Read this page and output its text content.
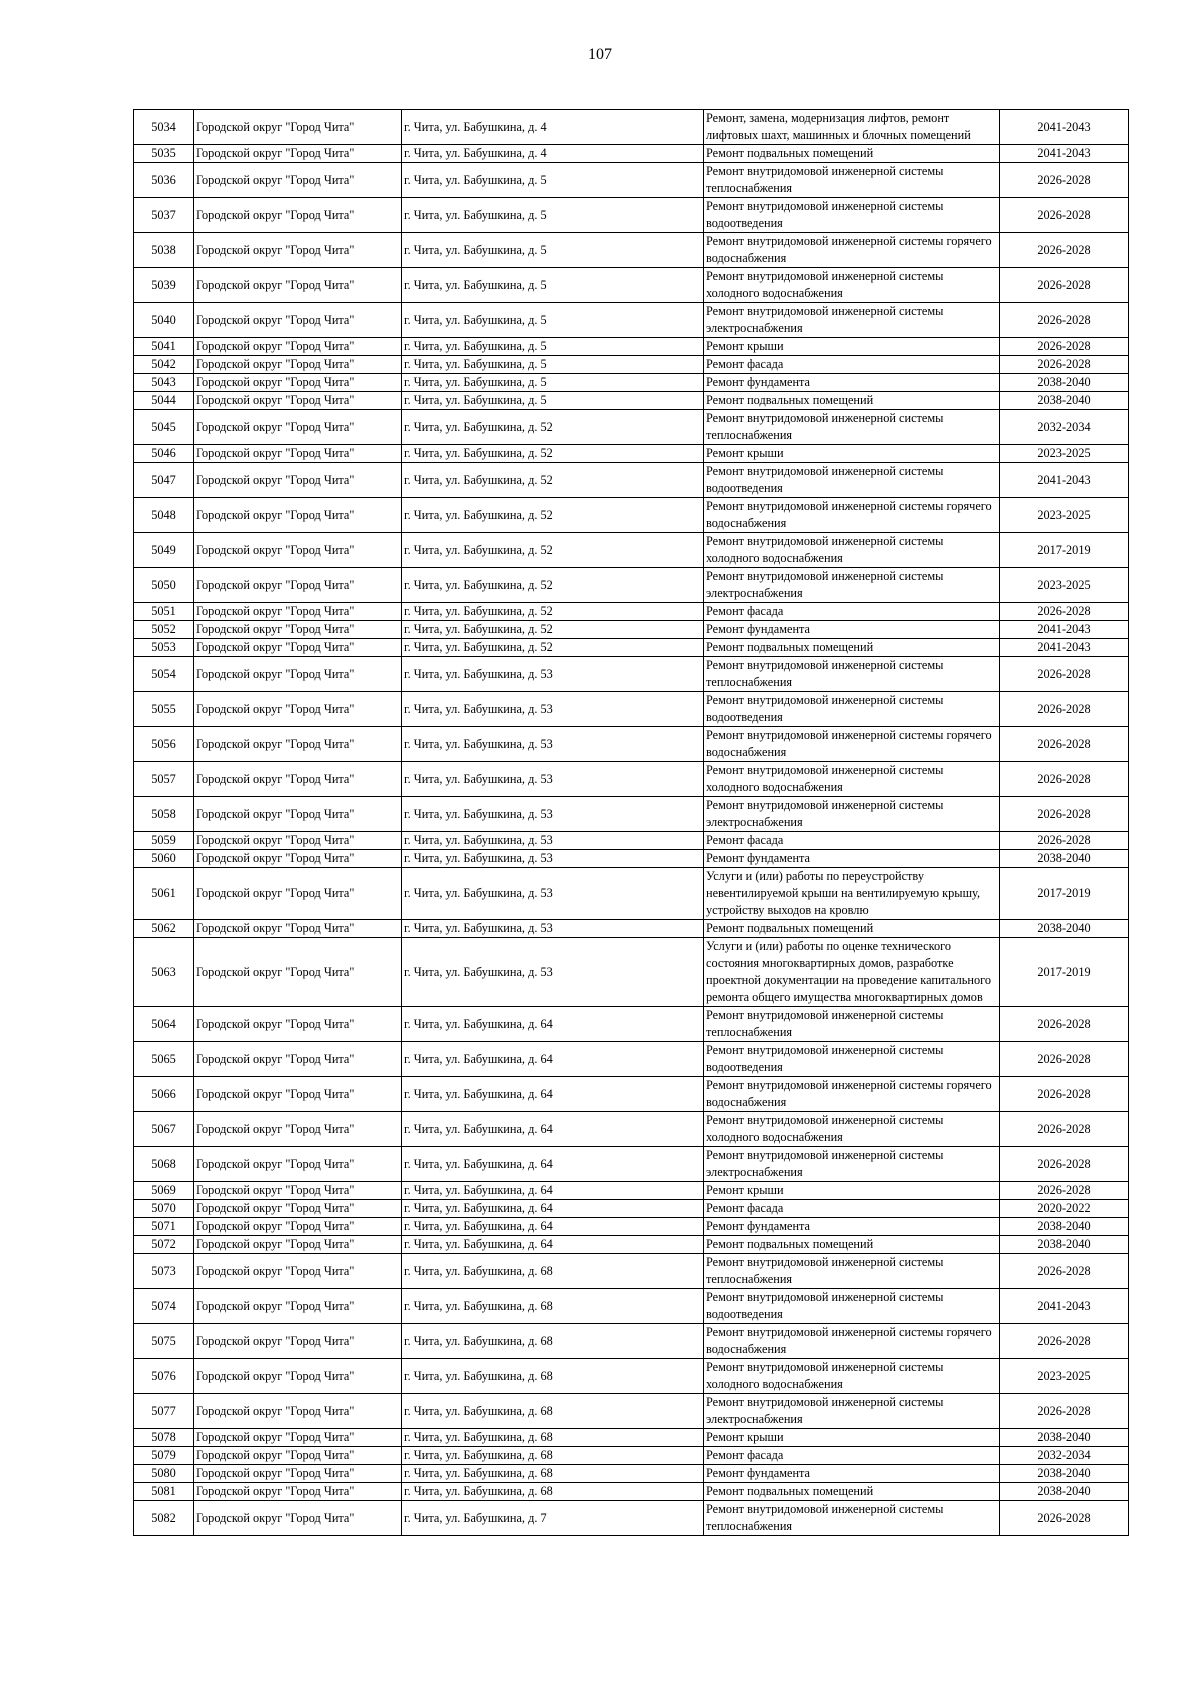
107
5034	Городской округ "Город Чита"	г. Чита, ул. Бабушкина, д. 4	Ремонт, замена, модернизация лифтов, ремонт лифтовых шахт, машинных и блочных помещений	2041-2043
5035	Городской округ "Город Чита"	г. Чита, ул. Бабушкина, д. 4	Ремонт подвальных помещений	2041-2043
5036	Городской округ "Город Чита"	г. Чита, ул. Бабушкина, д. 5	Ремонт внутридомовой инженерной системы теплоснабжения	2026-2028
5037	Городской округ "Город Чита"	г. Чита, ул. Бабушкина, д. 5	Ремонт внутридомовой инженерной системы водоотведения	2026-2028
5038	Городской округ "Город Чита"	г. Чита, ул. Бабушкина, д. 5	Ремонт внутридомовой инженерной системы горячего водоснабжения	2026-2028
5039	Городской округ "Город Чита"	г. Чита, ул. Бабушкина, д. 5	Ремонт внутридомовой инженерной системы холодного водоснабжения	2026-2028
5040	Городской округ "Город Чита"	г. Чита, ул. Бабушкина, д. 5	Ремонт внутридомовой инженерной системы электроснабжения	2026-2028
5041	Городской округ "Город Чита"	г. Чита, ул. Бабушкина, д. 5	Ремонт крыши	2026-2028
5042	Городской округ "Город Чита"	г. Чита, ул. Бабушкина, д. 5	Ремонт фасада	2026-2028
5043	Городской округ "Город Чита"	г. Чита, ул. Бабушкина, д. 5	Ремонт фундамента	2038-2040
5044	Городской округ "Город Чита"	г. Чита, ул. Бабушкина, д. 5	Ремонт подвальных помещений	2038-2040
5045	Городской округ "Город Чита"	г. Чита, ул. Бабушкина, д. 52	Ремонт внутридомовой инженерной системы теплоснабжения	2032-2034
5046	Городской округ "Город Чита"	г. Чита, ул. Бабушкина, д. 52	Ремонт крыши	2023-2025
5047	Городской округ "Город Чита"	г. Чита, ул. Бабушкина, д. 52	Ремонт внутридомовой инженерной системы водоотведения	2041-2043
5048	Городской округ "Город Чита"	г. Чита, ул. Бабушкина, д. 52	Ремонт внутридомовой инженерной системы горячего водоснабжения	2023-2025
5049	Городской округ "Город Чита"	г. Чита, ул. Бабушкина, д. 52	Ремонт внутридомовой инженерной системы холодного водоснабжения	2017-2019
5050	Городской округ "Город Чита"	г. Чита, ул. Бабушкина, д. 52	Ремонт внутридомовой инженерной системы электроснабжения	2023-2025
5051	Городской округ "Город Чита"	г. Чита, ул. Бабушкина, д. 52	Ремонт фасада	2026-2028
5052	Городской округ "Город Чита"	г. Чита, ул. Бабушкина, д. 52	Ремонт фундамента	2041-2043
5053	Городской округ "Город Чита"	г. Чита, ул. Бабушкина, д. 52	Ремонт подвальных помещений	2041-2043
5054	Городской округ "Город Чита"	г. Чита, ул. Бабушкина, д. 53	Ремонт внутридомовой инженерной системы теплоснабжения	2026-2028
5055	Городской округ "Город Чита"	г. Чита, ул. Бабушкина, д. 53	Ремонт внутридомовой инженерной системы водоотведения	2026-2028
5056	Городской округ "Город Чита"	г. Чита, ул. Бабушкина, д. 53	Ремонт внутридомовой инженерной системы горячего водоснабжения	2026-2028
5057	Городской округ "Город Чита"	г. Чита, ул. Бабушкина, д. 53	Ремонт внутридомовой инженерной системы холодного водоснабжения	2026-2028
5058	Городской округ "Город Чита"	г. Чита, ул. Бабушкина, д. 53	Ремонт внутридомовой инженерной системы электроснабжения	2026-2028
5059	Городской округ "Город Чита"	г. Чита, ул. Бабушкина, д. 53	Ремонт фасада	2026-2028
5060	Городской округ "Город Чита"	г. Чита, ул. Бабушкина, д. 53	Ремонт фундамента	2038-2040
5061	Городской округ "Город Чита"	г. Чита, ул. Бабушкина, д. 53	Услуги и (или) работы по переустройству невентилируемой крыши на вентилируемую крышу, устройству выходов на кровлю	2017-2019
5062	Городской округ "Город Чита"	г. Чита, ул. Бабушкина, д. 53	Ремонт подвальных помещений	2038-2040
5063	Городской округ "Город Чита"	г. Чита, ул. Бабушкина, д. 53	Услуги и (или) работы по оценке технического состояния многоквартирных домов, разработке проектной документации на проведение капитального ремонта общего имущества многоквартирных домов	2017-2019
5064	Городской округ "Город Чита"	г. Чита, ул. Бабушкина, д. 64	Ремонт внутридомовой инженерной системы теплоснабжения	2026-2028
5065	Городской округ "Город Чита"	г. Чита, ул. Бабушкина, д. 64	Ремонт внутридомовой инженерной системы водоотведения	2026-2028
5066	Городской округ "Город Чита"	г. Чита, ул. Бабушкина, д. 64	Ремонт внутридомовой инженерной системы горячего водоснабжения	2026-2028
5067	Городской округ "Город Чита"	г. Чита, ул. Бабушкина, д. 64	Ремонт внутридомовой инженерной системы холодного водоснабжения	2026-2028
5068	Городской округ "Город Чита"	г. Чита, ул. Бабушкина, д. 64	Ремонт внутридомовой инженерной системы электроснабжения	2026-2028
5069	Городской округ "Город Чита"	г. Чита, ул. Бабушкина, д. 64	Ремонт крыши	2026-2028
5070	Городской округ "Город Чита"	г. Чита, ул. Бабушкина, д. 64	Ремонт фасада	2020-2022
5071	Городской округ "Город Чита"	г. Чита, ул. Бабушкина, д. 64	Ремонт фундамента	2038-2040
5072	Городской округ "Город Чита"	г. Чита, ул. Бабушкина, д. 64	Ремонт подвальных помещений	2038-2040
5073	Городской округ "Город Чита"	г. Чита, ул. Бабушкина, д. 68	Ремонт внутридомовой инженерной системы теплоснабжения	2026-2028
5074	Городской округ "Город Чита"	г. Чита, ул. Бабушкина, д. 68	Ремонт внутридомовой инженерной системы водоотведения	2041-2043
5075	Городской округ "Город Чита"	г. Чита, ул. Бабушкина, д. 68	Ремонт внутридомовой инженерной системы горячего водоснабжения	2026-2028
5076	Городской округ "Город Чита"	г. Чита, ул. Бабушкина, д. 68	Ремонт внутридомовой инженерной системы холодного водоснабжения	2023-2025
5077	Городской округ "Город Чита"	г. Чита, ул. Бабушкина, д. 68	Ремонт внутридомовой инженерной системы электроснабжения	2026-2028
5078	Городской округ "Город Чита"	г. Чита, ул. Бабушкина, д. 68	Ремонт крыши	2038-2040
5079	Городской округ "Город Чита"	г. Чита, ул. Бабушкина, д. 68	Ремонт фасада	2032-2034
5080	Городской округ "Город Чита"	г. Чита, ул. Бабушкина, д. 68	Ремонт фундамента	2038-2040
5081	Городской округ "Город Чита"	г. Чита, ул. Бабушкина, д. 68	Ремонт подвальных помещений	2038-2040
5082	Городской округ "Город Чита"	г. Чита, ул. Бабушкина, д. 7	Ремонт внутридомовой инженерной системы теплоснабжения	2026-2028
